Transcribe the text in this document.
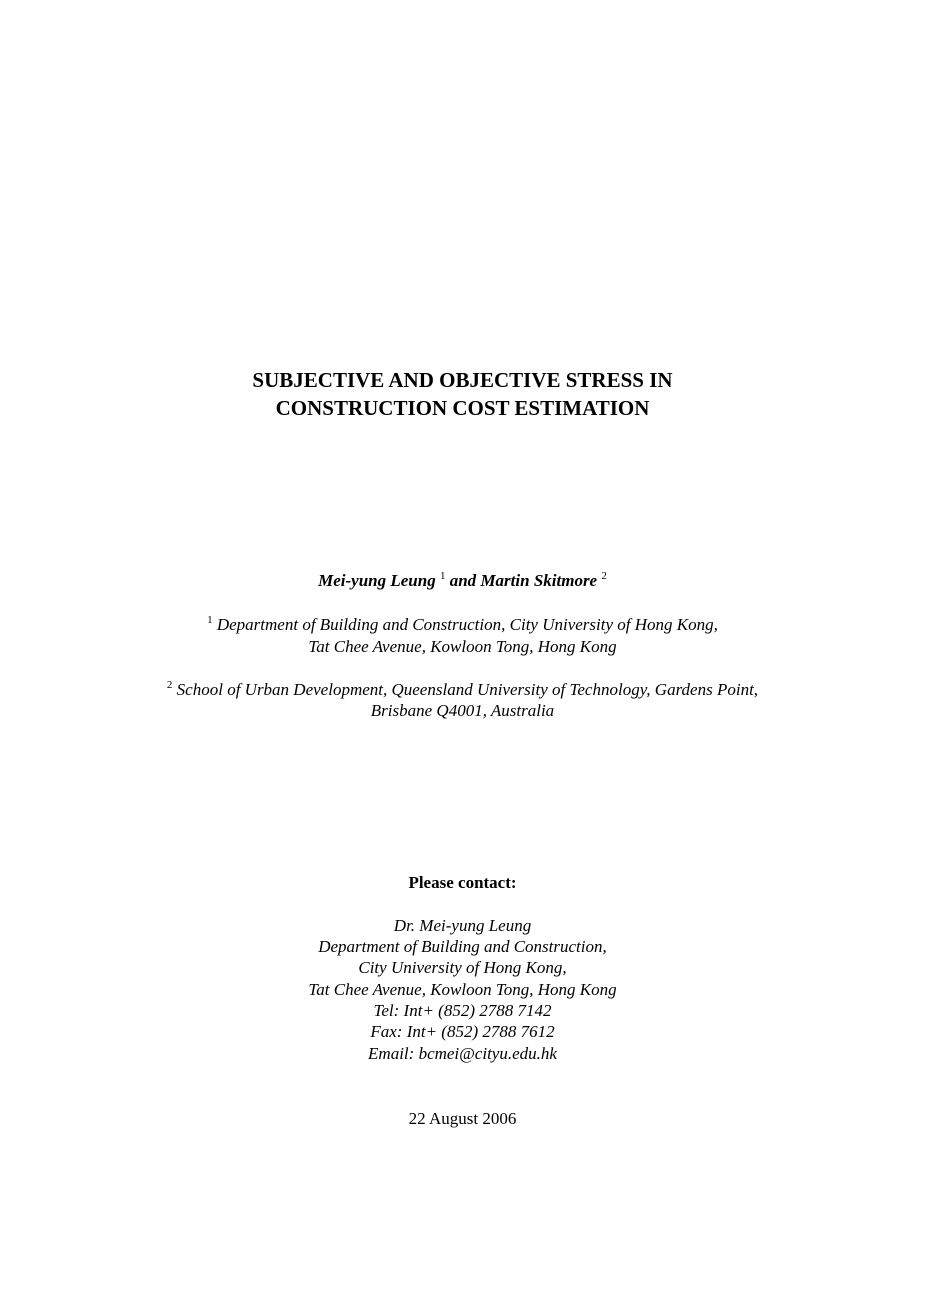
SUBJECTIVE AND OBJECTIVE STRESS IN
CONSTRUCTION COST ESTIMATION
Mei-yung Leung $^1$ and Martin Skitmore $^2$
$^1$ Department of Building and Construction, City University of Hong Kong,
Tat Chee Avenue, Kowloon Tong, Hong Kong
$^2$ School of Urban Development, Queensland University of Technology, Gardens Point,
Brisbane Q4001, Australia
Please contact:
Dr. Mei-yung Leung
Department of Building and Construction,
City University of Hong Kong,
Tat Chee Avenue, Kowloon Tong, Hong Kong
Tel: Int+ (852) 2788 7142
Fax: Int+ (852) 2788 7612
Email: bcmei@cityu.edu.hk
22 August 2006
